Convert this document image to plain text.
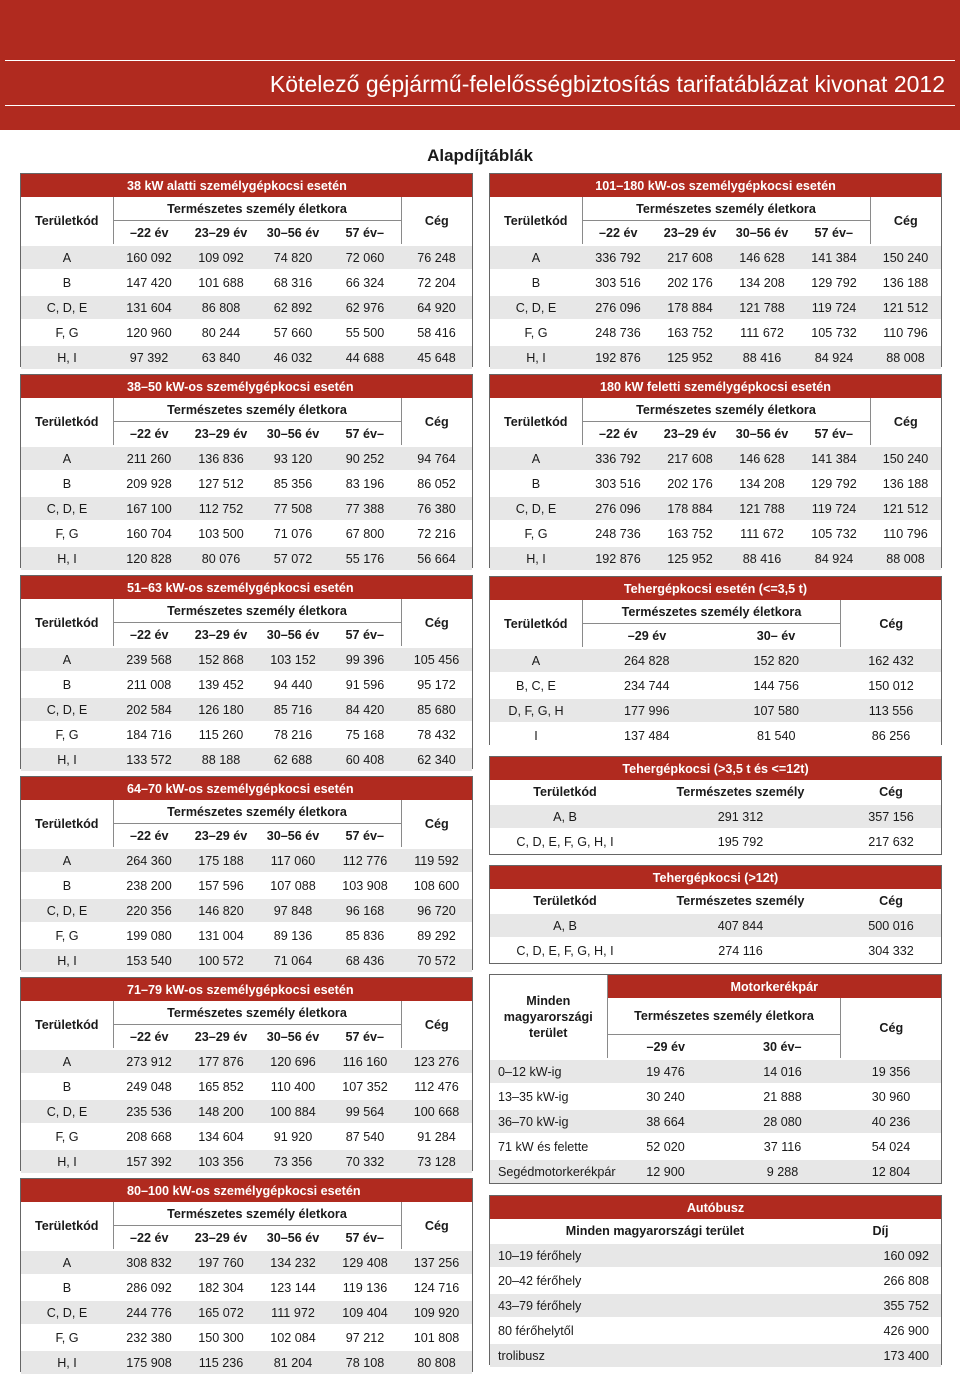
Kötelező gépjármű-felelősségbiztosítás tarifatáblázat kivonat 2012
Alapdíjtáblák
38 kW alatti személygépkocsi esetén					
Területkód	Természetes személy életkora				Cég
	–22 év	23–29 év	30–56 év	57 év–	
A	160 092	109 092	74 820	72 060	76 248
B	147 420	101 688	68 316	66 324	72 204
C, D, E	131 604	86 808	62 892	62 976	64 920
F, G	120 960	80 244	57 660	55 500	58 416
H, I	97 392	63 840	46 032	44 688	45 648
101–180 kW-os személygépkocsi esetén					
Területkód	Természetes személy életkora				Cég
	–22 év	23–29 év	30–56 év	57 év–	
A	336 792	217 608	146 628	141 384	150 240
B	303 516	202 176	134 208	129 792	136 188
C, D, E	276 096	178 884	121 788	119 724	121 512
F, G	248 736	163 752	111 672	105 732	110 796
H, I	192 876	125 952	88 416	84 924	88 008
38–50 kW-os személygépkocsi esetén					
Területkód	Természetes személy életkora				Cég
	–22 év	23–29 év	30–56 év	57 év–	
A	211 260	136 836	93 120	90 252	94 764
B	209 928	127 512	85 356	83 196	86 052
C, D, E	167 100	112 752	77 508	77 388	76 380
F, G	160 704	103 500	71 076	67 800	72 216
H, I	120 828	80 076	57 072	55 176	56 664
180 kW feletti személygépkocsi esetén					
Területkód	Természetes személy életkora				Cég
	–22 év	23–29 év	30–56 év	57 év–	
A	336 792	217 608	146 628	141 384	150 240
B	303 516	202 176	134 208	129 792	136 188
C, D, E	276 096	178 884	121 788	119 724	121 512
F, G	248 736	163 752	111 672	105 732	110 796
H, I	192 876	125 952	88 416	84 924	88 008
51–63 kW-os személygépkocsi esetén					
Területkód	Természetes személy életkora				Cég
	–22 év	23–29 év	30–56 év	57 év–	
A	239 568	152 868	103 152	99 396	105 456
B	211 008	139 452	94 440	91 596	95 172
C, D, E	202 584	126 180	85 716	84 420	85 680
F, G	184 716	115 260	78 216	75 168	78 432
H, I	133 572	88 188	62 688	60 408	62 340
64–70 kW-os személygépkocsi esetén					
Területkód	Természetes személy életkora				Cég
	–22 év	23–29 év	30–56 év	57 év–	
A	264 360	175 188	117 060	112 776	119 592
B	238 200	157 596	107 088	103 908	108 600
C, D, E	220 356	146 820	97 848	96 168	96 720
F, G	199 080	131 004	89 136	85 836	89 292
H, I	153 540	100 572	71 064	68 436	70 572
71–79 kW-os személygépkocsi esetén					
Területkód	Természetes személy életkora				Cég
	–22 év	23–29 év	30–56 év	57 év–	
A	273 912	177 876	120 696	116 160	123 276
B	249 048	165 852	110 400	107 352	112 476
C, D, E	235 536	148 200	100 884	99 564	100 668
F, G	208 668	134 604	91 920	87 540	91 284
H, I	157 392	103 356	73 356	70 332	73 128
80–100 kW-os személygépkocsi esetén					
Területkód	Természetes személy életkora				Cég
	–22 év	23–29 év	30–56 év	57 év–	
A	308 832	197 760	134 232	129 408	137 256
B	286 092	182 304	123 144	119 136	124 716
C, D, E	244 776	165 072	111 972	109 404	109 920
F, G	232 380	150 300	102 084	97 212	101 808
H, I	175 908	115 236	81 204	78 108	80 808
Tehergépkocsi esetén (<=3,5 t)			
Területkód	Természetes személy életkora		Cég
	–29 év	30– év	
A	264 828	152 820	162 432
B, C, E	234 744	144 756	150 012
D, F, G, H	177 996	107 580	113 556
I	137 484	81 540	86 256
Tehergépkocsi (>3,5 t és <=12t)		
Területkód	Természetes személy	Cég
A, B	291 312	357 156
C, D, E, F, G, H, I	195 792	217 632
Tehergépkocsi (>12t)		
Területkód	Természetes személy	Cég
A, B	407 844	500 016
C, D, E, F, G, H, I	274 116	304 332
Minden magyarországi terület	Motorkerékpár		
	Természetes személy életkora		Cég
	–29 év	30 év–	
0–12 kW-ig	19 476	14 016	19 356
13–35 kW-ig	30 240	21 888	30 960
36–70 kW-ig	38 664	28 080	40 236
71 kW és felette	52 020	37 116	54 024
Segédmotorkerékpár	12 900	9 288	12 804
Autóbusz	
Minden magyarországi terület	Díj
10–19 férőhely	160 092
20–42 férőhely	266 808
43–79 férőhely	355 752
80 férőhelytől	426 900
trolibusz	173 400
